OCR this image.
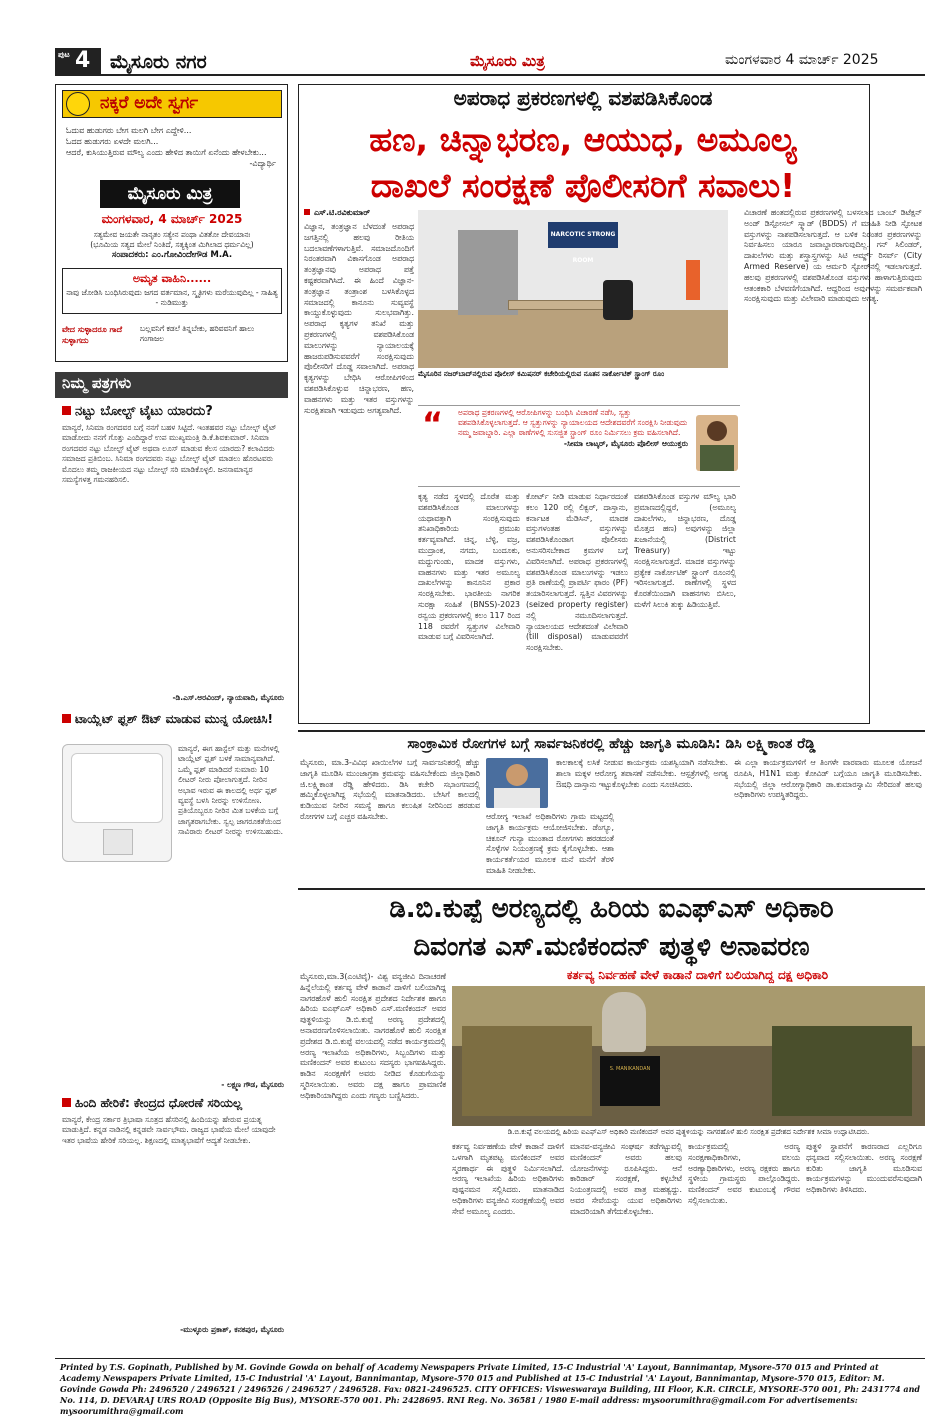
ಪುಟ 4 ಮೈಸೂರು ನಗರ	ಮೈಸೂರು ಮಿತ್ರ	ಮಂಗಳವಾರ 4 ಮಾರ್ಚ್ 2025
ನಕ್ಕರೆ ಅದೇ ಸ್ವರ್ಗ
ಓದುವ ಹುಡುಗರು ಬೇಗ ಮಲಗಿ ಬೇಗ ಎದ್ದೇಳಿ...
ಓದದ ಹುಡುಗರು ಏಳದೇ ಮಲಗಿ...
ಆದರೆ, ಕುಸಿಯುತ್ತಿರುವ ಮೌಲ್ಯ ಎಂದು ಹೇಳಿದ ತಾಯಿಗೆ ಏನೆಂದು ಹೇಳಬೇಕು...
-ವಿದ್ಯಾರ್ಥಿ
ಮೈಸೂರು ಮಿತ್ರ
ಮಂಗಳವಾರ, 4 ಮಾರ್ಚ್ 2025
ಸತ್ಯಮೇವ ಜಯತೇ ನಾನೃತಂ ಸತ್ಯೇನ ಪಂಥಾ ವಿತತೋ ದೇವಯಾನಃ
(ಭೂಮಿಯ ಸತ್ಯದ ಮೇಲೆ ನಿಂತಿದೆ, ಸತ್ಯಕ್ಕಿಂತ ಮಿಗಿಲಾದ ಧರ್ಮವಿಲ್ಲ)
ಸಂಪಾದಕರು: ಎಂ.ಗೋವಿಂದೇಗೌಡ M.A.
ಅಮೃತ ವಾಹಿನಿ......
ನಾವು ಜೋಡಿಸಿ ಬಂಧಿಸಿರುವುದು ಜಗದ ವರ್ತಮಾನ, ಸ್ಮೃತಿಗಳು ಮರೆಯುವುದಿಲ್ಲ - ಸಾಹಿತ್ಯ - ನುಡಿಮುತ್ತು
ವೇದ ಸುಳ್ಳಾದರೂ ಗಾದೆ ಸುಳ್ಳಾಗದು
ಬಲ್ಲವನಿಗೆ ಕಡಲೆ ತಿನ್ನಬೇಕು, ಹರಿವವನಿಗೆ ಹಾಲು ಗಂಗಾಜಲ
ನಿಮ್ಮ ಪತ್ರಗಳು
ನಟ್ಟು ಬೋಲ್ಟ್ ಟೈಟು ಯಾರದು?
ಮಾನ್ಯರೆ, ಸಿನಿಮಾ ರಂಗದವರ ಬಗ್ಗೆ ನನಗೆ ಬಹಳ ಸಿಟ್ಟಿದೆ. ಇಂತಹವರ ನಟ್ಟು ಬೋಲ್ಟ್ ಟೈಟ್ ಮಾಡೋದು ನನಗೆ ಗೊತ್ತು ಎಂದಿದ್ದಾರೆ ಉಪ ಮುಖ್ಯಮಂತ್ರಿ ಡಿ.ಕೆ.ಶಿವಕುಮಾರ್. ಸಿನಿಮಾ ರಂಗದವರ ನಟ್ಟು ಬೋಲ್ಟ್ ಟೈಟ್ ಅಥವಾ ಲೂಸ್ ಮಾಡುವ ಕೆಲಸ ಯಾರದು? ಕಲಾವಿದರು ಸಮಾಜದ ಪ್ರತಿಬಿಂಬ. ಸಿನಿಮಾ ರಂಗದವರು ನಟ್ಟು ಬೋಲ್ಟ್ ಟೈಟ್ ಮಾಡಲು ಹೊರಟವರು ಮೊದಲು ತಮ್ಮ ರಾಜಕೀಯದ ನಟ್ಟು ಬೋಲ್ಟ್ ಸರಿ ಮಾಡಿಕೊಳ್ಳಲಿ. ಜನಸಾಮಾನ್ಯರ ಸಮಸ್ಯೆಗಳತ್ತ ಗಮನಹರಿಸಲಿ.
-ಡಿ.ಎಸ್.ಅರವಿಂದ್, ನ್ಯಾಯವಾದಿ, ಮೈಸೂರು
ಟಾಯ್ಲೆಟ್ ಫ್ಲಶ್ ಔಟ್ ಮಾಡುವ ಮುನ್ನ ಯೋಚಿಸಿ!
ಮಾನ್ಯರೆ, ಈಗ ಹಾಸ್ಟೆಲ್ ಮತ್ತು ಮನೆಗಳಲ್ಲಿ ಟಾಯ್ಲೆಟ್ ಫ್ಲಶ್ ಬಳಕೆ ಸಾಮಾನ್ಯವಾಗಿದೆ. ಒಮ್ಮೆ ಫ್ಲಶ್ ಮಾಡಿದರೆ ಸುಮಾರು 10 ಲೀಟರ್ ನೀರು ಪೋಲಾಗುತ್ತದೆ. ನೀರಿನ ಅಭಾವ ಇರುವ ಈ ಕಾಲದಲ್ಲಿ ಅರ್ಧ ಫ್ಲಶ್ ವ್ಯವಸ್ಥೆ ಬಳಸಿ ನೀರನ್ನು ಉಳಿಸೋಣ. ಪ್ರತಿಯೊಬ್ಬರೂ ನೀರಿನ ಮಿತ ಬಳಕೆಯ ಬಗ್ಗೆ ಜಾಗೃತರಾಗಬೇಕು. ಸ್ವಲ್ಪ ಜಾಗರೂಕತೆಯಿಂದ ಸಾವಿರಾರು ಲೀಟರ್ ನೀರನ್ನು ಉಳಿಸಬಹುದು.
- ಲಕ್ಷ್ಮಣ ಗೌಡ, ಮೈಸೂರು
ಹಿಂದಿ ಹೇರಿಕೆ: ಕೇಂದ್ರದ ಧೋರಣೆ ಸರಿಯಲ್ಲ
ಮಾನ್ಯರೆ, ಕೇಂದ್ರ ಸರ್ಕಾರ ತ್ರಿಭಾಷಾ ಸೂತ್ರದ ಹೆಸರಿನಲ್ಲಿ ಹಿಂದಿಯನ್ನು ಹೇರುವ ಪ್ರಯತ್ನ ಮಾಡುತ್ತಿದೆ. ಕನ್ನಡ ನಾಡಿನಲ್ಲಿ ಕನ್ನಡವೇ ಸಾರ್ವಭೌಮ. ರಾಜ್ಯದ ಭಾಷೆಯ ಮೇಲೆ ಯಾವುದೇ ಇತರ ಭಾಷೆಯ ಹೇರಿಕೆ ಸರಿಯಲ್ಲ. ಶಿಕ್ಷಣದಲ್ಲಿ ಮಾತೃಭಾಷೆಗೆ ಆದ್ಯತೆ ನೀಡಬೇಕು.
-ಮುಳ್ಳೂರು ಪ್ರಕಾಶ್, ಕನಕಪುರ, ಮೈಸೂರು
ಅಪರಾಧ ಪ್ರಕರಣಗಳಲ್ಲಿ ವಶಪಡಿಸಿಕೊಂಡ
ಹಣ, ಚಿನ್ನಾಭರಣ, ಆಯುಧ, ಅಮೂಲ್ಯ
ದಾಖಲೆ ಸಂರಕ್ಷಣೆ ಪೊಲೀಸರಿಗೆ ಸವಾಲು!
ಎಸ್.ಟಿ.ರವಿಕುಮಾರ್
ವಿಜ್ಞಾನ, ತಂತ್ರಜ್ಞಾನ ಬೆಳದಂತೆ ಅಪರಾಧ ಜಗತ್ತಿನಲ್ಲಿ ಹಲವು ರೀತಿಯ ಬದಲಾವಣೆಗಳಾಗುತ್ತಿವೆ. ಸಮಾಜದೊಂದಿಗೆ ನಿರಂತರವಾಗಿ ವಿಕಾಸಗೊಂಡ ಅಪರಾಧ ತಂತ್ರಜ್ಞಾನವು ಅಪರಾಧ ಪತ್ತೆ ಕಷ್ಟಕರವಾಗಿಸಿದೆ. ಈ ಹಿಂದೆ ವಿಜ್ಞಾನ-ತಂತ್ರಜ್ಞಾನ ತಂತ್ರಾಂಶ ಬಳಸಿಕೊಳ್ಳದ ಸಮಾಜದಲ್ಲಿ ಕಾನೂನು ಸುವ್ಯವಸ್ಥೆ ಕಾಯ್ದುಕೊಳ್ಳುವುದು ಸುಲಭವಾಗಿತ್ತು. ಅಪರಾಧ ಕೃತ್ಯಗಳ ತನಿಖೆ ಮತ್ತು ಪ್ರಕರಣಗಳಲ್ಲಿ ವಶಪಡಿಸಿಕೊಂಡ ಮಾಲುಗಳನ್ನು ನ್ಯಾಯಾಲಯಕ್ಕೆ ಹಾಜರುಪಡಿಸುವವರೆಗೆ ಸಂರಕ್ಷಿಸುವುದು ಪೊಲೀಸರಿಗೆ ದೊಡ್ಡ ಸವಾಲಾಗಿದೆ. ಅಪರಾಧ ಕೃತ್ಯಗಳನ್ನು ಬೇಧಿಸಿ ಆರೋಪಿಗಳಿಂದ ವಶಪಡಿಸಿಕೊಳ್ಳುವ ಚಿನ್ನಾಭರಣ, ಹಣ, ವಾಹನಗಳು ಮತ್ತು ಇತರ ವಸ್ತುಗಳನ್ನು ಸುರಕ್ಷಿತವಾಗಿ ಇಡುವುದು ಅಗತ್ಯವಾಗಿದೆ.
NARCOTIC STRONG ROOM
ಮೈಸೂರಿನ ನಜರ್‌ಬಾದ್‌ನಲ್ಲಿರುವ ಪೊಲೀಸ್ ಕಮಿಷನರ್ ಕಚೇರಿಯಲ್ಲಿರುವ ನೂತನ ನಾರ್ಕೋಟಿಕ್ ಸ್ಟ್ರಾಂಗ್ ರೂಂ
“ ಅಪರಾಧ ಪ್ರಕರಣಗಳಲ್ಲಿ ಆರೋಪಿಗಳನ್ನು ಬಂಧಿಸಿ ವಿಚಾರಣೆ ನಡೆಸಿ, ಸ್ವತ್ತು ವಶಪಡಿಸಿಕೊಳ್ಳಲಾಗುತ್ತದೆ. ಆ ಸ್ವತ್ತುಗಳನ್ನು ನ್ಯಾಯಾಲಯದ ಆದೇಶದವರೆಗೆ ಸಂರಕ್ಷಿಸಿ ನೀಡುವುದು ನಮ್ಮ ಜವಾಬ್ದಾರಿ. ಎಲ್ಲಾ ಠಾಣೆಗಳಲ್ಲಿ ಸುಸಜ್ಜಿತ ಸ್ಟ್ರಾಂಗ್ ರೂಂ ನಿರ್ಮಿಸಲು ಕ್ರಮ ವಹಿಸಲಾಗಿದೆ.
-ಸೀಮಾ ಲಾಟ್ಕರ್, ಮೈಸೂರು ಪೊಲೀಸ್ ಆಯುಕ್ತರು
ಕೃತ್ಯ ನಡೆದ ಸ್ಥಳದಲ್ಲಿ ದೊರೆತ ಮತ್ತು ವಶಪಡಿಸಿಕೊಂಡ ಮಾಲುಗಳನ್ನು ಯಥಾವತ್ತಾಗಿ ಸಂರಕ್ಷಿಸುವುದು ತನಿಖಾಧಿಕಾರಿಯ ಪ್ರಮುಖ ಕರ್ತವ್ಯವಾಗಿದೆ. ಚಿನ್ನ, ಬೆಳ್ಳಿ, ವಜ್ರ, ಮುದ್ರಾಂಕ, ನಗದು, ಬಂದೂಕು, ಮದ್ದುಗುಂಡು, ಮಾದಕ ವಸ್ತುಗಳು, ವಾಹನಗಳು ಮತ್ತು ಇತರ ಅಮೂಲ್ಯ ದಾಖಲೆಗಳನ್ನು ಕಾನೂನಿನ ಪ್ರಕಾರ ಸಂರಕ್ಷಿಸಬೇಕು. ಭಾರತೀಯ ನಾಗರಿಕ ಸುರಕ್ಷಾ ಸಂಹಿತೆ (BNSS)-2023 ರನ್ವಯ ಪ್ರಕರಣಗಳಲ್ಲಿ ಕಲಂ 117 ರಿಂದ 118 ರವರೆಗೆ ಸ್ವತ್ತುಗಳ ವಿಲೇವಾರಿ ಮಾಡುವ ಬಗ್ಗೆ ವಿವರಿಸಲಾಗಿದೆ.
ಕೋರ್ಟ್ ನೀಡಿ ಮಾಡುವ ನಿರ್ಧಾರದಂತೆ ಕಲಂ 120 ರಲ್ಲಿ ಲಿಕ್ವರ್, ದಾಸ್ತಾನು, ಕರ್ನಾಟಕ ಮೆಡಿಸಿನ್, ಮಾದಕ ವಸ್ತುಗಳಂತಹ ವಸ್ತುಗಳನ್ನು ವಶಪಡಿಸಿಕೊಂಡಾಗ ಪೊಲೀಸರು ಅನುಸರಿಸಬೇಕಾದ ಕ್ರಮಗಳ ಬಗ್ಗೆ ವಿವರಿಸಲಾಗಿದೆ. ಅಪರಾಧ ಪ್ರಕರಣಗಳಲ್ಲಿ ವಶಪಡಿಸಿಕೊಂಡ ಮಾಲುಗಳನ್ನು ಇಡಲು ಪ್ರತಿ ಠಾಣೆಯಲ್ಲಿ ಪ್ರಾಪರ್ಟಿ ಫಾರಂ (PF) ತಯಾರಿಸಲಾಗುತ್ತದೆ. ಸ್ವತ್ತಿನ ವಿವರಗಳನ್ನು (seized property register) ನಲ್ಲಿ ನಮೂದಿಸಲಾಗುತ್ತದೆ. ನ್ಯಾಯಾಲಯದ ಆದೇಶದಂತೆ ವಿಲೇವಾರಿ (till disposal) ಮಾಡುವವರೆಗೆ ಸಂರಕ್ಷಿಸಬೇಕು.
ವಶಪಡಿಸಿಕೊಂಡ ವಸ್ತುಗಳ ಮೌಲ್ಯ ಭಾರಿ ಪ್ರಮಾಣದಲ್ಲಿದ್ದರೆ, (ಅಮೂಲ್ಯ ದಾಖಲೆಗಳು, ಚಿನ್ನಾಭರಣ, ದೊಡ್ಡ ಮೊತ್ತದ ಹಣ) ಅವುಗಳನ್ನು ಜಿಲ್ಲಾ ಖಜಾನೆಯಲ್ಲಿ (District Treasury) ಇಟ್ಟು ಸಂರಕ್ಷಿಸಲಾಗುತ್ತದೆ. ಮಾದಕ ವಸ್ತುಗಳನ್ನು ಪ್ರತ್ಯೇಕ ನಾರ್ಕೋಟಿಕ್ ಸ್ಟ್ರಾಂಗ್ ರೂಂನಲ್ಲಿ ಇರಿಸಲಾಗುತ್ತದೆ. ಠಾಣೆಗಳಲ್ಲಿ ಸ್ಥಳದ ಕೊರತೆಯಿಂದಾಗಿ ವಾಹನಗಳು ಬಿಸಿಲು, ಮಳೆಗೆ ಸಿಲುಕಿ ತುಕ್ಕು ಹಿಡಿಯುತ್ತಿವೆ.
ವಿಚಾರಣೆ ಹಂತದಲ್ಲಿರುವ ಪ್ರಕರಣಗಳಲ್ಲಿ ಬಳಸಲಾದ ಬಾಂಬ್ ಡಿಟೆಕ್ಷನ್ ಅಂಡ್ ಡಿಸ್ಪೋಸಲ್ ಸ್ಕ್ವಾಡ್ (BDDS) ಗೆ ಮಾಹಿತಿ ನೀಡಿ ಸ್ಫೋಟಕ ವಸ್ತುಗಳನ್ನು ನಾಶಪಡಿಸಲಾಗುತ್ತದೆ. ಆ ಬಳಿಕ ನಿರಂತರ ಪ್ರಕರಣಗಳನ್ನು ನಿರ್ವಹಿಸಲು ಯಾರೂ ಜವಾಬ್ದಾರರಾಗುವುದಿಲ್ಲ. ಗನ್ ಸಿಲಿಂಡರ್, ದಾಖಲೆಗಳು ಮತ್ತು ಶಸ್ತ್ರಾಸ್ತ್ರಗಳನ್ನು ಸಿಟಿ ಆರ್ಮ್ಡ್ ರಿಸರ್ವ್ (City Armed Reserve) ಯ ಆರ್ಮರಿ ಸ್ಟೋರ್‌ನಲ್ಲಿ ಇಡಲಾಗುತ್ತದೆ. ಹಲವು ಪ್ರಕರಣಗಳಲ್ಲಿ ವಶಪಡಿಸಿಕೊಂಡ ವಸ್ತುಗಳು ಹಾಳಾಗುತ್ತಿರುವುದು ಆತಂಕಕಾರಿ ಬೆಳವಣಿಗೆಯಾಗಿದೆ. ಆದ್ದರಿಂದ ಅವುಗಳನ್ನು ಸಮರ್ಪಕವಾಗಿ ಸಂರಕ್ಷಿಸುವುದು ಮತ್ತು ವಿಲೇವಾರಿ ಮಾಡುವುದು ಅಗತ್ಯ.
ಸಾಂಕ್ರಾಮಿಕ ರೋಗಗಳ ಬಗ್ಗೆ ಸಾರ್ವಜನಿಕರಲ್ಲಿ ಹೆಚ್ಚು ಜಾಗೃತಿ ಮೂಡಿಸಿ: ಡಿಸಿ ಲಕ್ಷ್ಮಿಕಾಂತ ರೆಡ್ಡಿ
ಮೈಸೂರು, ಮಾ.3-ವಿವಿಧ ಖಾಯಿಲೆಗಳ ಬಗ್ಗೆ ಸಾರ್ವಜನಿಕರಲ್ಲಿ ಹೆಚ್ಚು ಜಾಗೃತಿ ಮೂಡಿಸಿ ಮುಂಜಾಗ್ರತಾ ಕ್ರಮವನ್ನು ವಹಿಸಬೇಕೆಂದು ಜಿಲ್ಲಾಧಿಕಾರಿ ಜಿ.ಲಕ್ಷ್ಮಿಕಾಂತ ರೆಡ್ಡಿ ಹೇಳಿದರು. ಡಿಸಿ ಕಚೇರಿ ಸಭಾಂಗಣದಲ್ಲಿ ಹಮ್ಮಿಕೊಳ್ಳಲಾಗಿದ್ದ ಸಭೆಯಲ್ಲಿ ಮಾತನಾಡಿದರು. ಬೇಸಿಗೆ ಕಾಲದಲ್ಲಿ ಕುಡಿಯುವ ನೀರಿನ ಸಮಸ್ಯೆ ಹಾಗೂ ಕಲುಷಿತ ನೀರಿನಿಂದ ಹರಡುವ ರೋಗಗಳ ಬಗ್ಗೆ ಎಚ್ಚರ ವಹಿಸಬೇಕು.	ಆರೋಗ್ಯ ಇಲಾಖೆ ಅಧಿಕಾರಿಗಳು ಗ್ರಾಮ ಮಟ್ಟದಲ್ಲಿ ಜಾಗೃತಿ ಕಾರ್ಯಕ್ರಮ ಆಯೋಜಿಸಬೇಕು. ಡೆಂಗ್ಯೂ, ಚಿಕೂನ್ ಗುನ್ಯಾ ಮುಂತಾದ ರೋಗಗಳು ಹರಡದಂತೆ ಸೊಳ್ಳೆಗಳ ನಿಯಂತ್ರಣಕ್ಕೆ ಕ್ರಮ ಕೈಗೊಳ್ಳಬೇಕು. ಆಶಾ ಕಾರ್ಯಕರ್ತೆಯರ ಮೂಲಕ ಮನೆ ಮನೆಗೆ ತೆರಳಿ ಮಾಹಿತಿ ನೀಡಬೇಕು.
ಕಾಲಕಾಲಕ್ಕೆ ಲಸಿಕೆ ನೀಡುವ ಕಾರ್ಯಕ್ರಮ ಯಶಸ್ವಿಯಾಗಿ ನಡೆಸಬೇಕು. ಶಾಲಾ ಮಕ್ಕಳ ಆರೋಗ್ಯ ತಪಾಸಣೆ ನಡೆಸಬೇಕು. ಆಸ್ಪತ್ರೆಗಳಲ್ಲಿ ಅಗತ್ಯ ಔಷಧಿ ದಾಸ್ತಾನು ಇಟ್ಟುಕೊಳ್ಳಬೇಕು ಎಂದು ಸೂಚಿಸಿದರು.
ಈ ಎಲ್ಲಾ ಕಾರ್ಯಕ್ರಮಗಳಿಗೆ ಆ ತಿಂಗಳೇ ವಾರವಾರು ಮೂಲಕ ಯೋಜನೆ ರೂಪಿಸಿ, H1N1 ಮತ್ತು ಕೋವಿಡ್ ಬಗ್ಗೆಯೂ ಜಾಗೃತಿ ಮೂಡಿಸಬೇಕು. ಸಭೆಯಲ್ಲಿ ಜಿಲ್ಲಾ ಆರೋಗ್ಯಾಧಿಕಾರಿ ಡಾ.ಕುಮಾರಸ್ವಾಮಿ ಸೇರಿದಂತೆ ಹಲವು ಅಧಿಕಾರಿಗಳು ಉಪಸ್ಥಿತರಿದ್ದರು.
ಡಿ.ಬಿ.ಕುಪ್ಪೆ ಅರಣ್ಯದಲ್ಲಿ ಹಿರಿಯ ಐಎಫ್‌ಎಸ್ ಅಧಿಕಾರಿ
ದಿವಂಗತ ಎಸ್.ಮಣಿಕಂದನ್ ಪುತ್ಥಳಿ ಅನಾವರಣ
ಕರ್ತವ್ಯ ನಿರ್ವಹಣೆ ವೇಳೆ ಕಾಡಾನೆ ದಾಳಿಗೆ ಬಲಿಯಾಗಿದ್ದ ದಕ್ಷ ಅಧಿಕಾರಿ
ಮೈಸೂರು,ಮಾ.3(ಎಂಟಿವೈ)- ವಿಶ್ವ ವನ್ಯಜೀವಿ ದಿನಾಚರಣೆ ಹಿನ್ನೆಲೆಯಲ್ಲಿ ಕರ್ತವ್ಯ ವೇಳೆ ಕಾಡಾನೆ ದಾಳಿಗೆ ಬಲಿಯಾಗಿದ್ದ ನಾಗರಹೊಳೆ ಹುಲಿ ಸಂರಕ್ಷಿತ ಪ್ರದೇಶದ ನಿರ್ದೇಶಕ ಹಾಗೂ ಹಿರಿಯ ಐಎಫ್‌ಎಸ್ ಅಧಿಕಾರಿ ಎಸ್.ಮಣಿಕಂದನ್ ಅವರ ಪುತ್ಥಳಿಯನ್ನು ಡಿ.ಬಿ.ಕುಪ್ಪೆ ಅರಣ್ಯ ಪ್ರದೇಶದಲ್ಲಿ ಅನಾವರಣಗೊಳಿಸಲಾಯಿತು. ನಾಗರಹೊಳೆ ಹುಲಿ ಸಂರಕ್ಷಿತ ಪ್ರದೇಶದ ಡಿ.ಬಿ.ಕುಪ್ಪೆ ವಲಯದಲ್ಲಿ ನಡೆದ ಕಾರ್ಯಕ್ರಮದಲ್ಲಿ ಅರಣ್ಯ ಇಲಾಖೆಯ ಅಧಿಕಾರಿಗಳು, ಸಿಬ್ಬಂದಿಗಳು ಮತ್ತು ಮಣಿಕಂದನ್ ಅವರ ಕುಟುಂಬ ಸದಸ್ಯರು ಭಾಗವಹಿಸಿದ್ದರು. ಕಾಡಿನ ಸಂರಕ್ಷಣೆಗೆ ಅವರು ನೀಡಿದ ಕೊಡುಗೆಯನ್ನು ಸ್ಮರಿಸಲಾಯಿತು. ಅವರು ದಕ್ಷ ಹಾಗೂ ಪ್ರಾಮಾಣಿಕ ಅಧಿಕಾರಿಯಾಗಿದ್ದರು ಎಂದು ಗಣ್ಯರು ಬಣ್ಣಿಸಿದರು.
S. MANIKANDAN
ಡಿ.ಬಿ.ಕುಪ್ಪೆ ವಲಯದಲ್ಲಿ ಹಿರಿಯ ಐಎಫ್‌ಎಸ್ ಅಧಿಕಾರಿ ಮಣಿಕಂದನ್ ಅವರ ಪುತ್ಥಳಿಯನ್ನು ನಾಗರಹೊಳೆ ಹುಲಿ ಸಂರಕ್ಷಿತ ಪ್ರದೇಶದ ನಿರ್ದೇಶಕ ಸೀಮಾ ಉದ್ಘಾಟಿಸಿದರು.
ಕರ್ತವ್ಯ ನಿರ್ವಹಣೆಯ ವೇಳೆ ಕಾಡಾನೆ ದಾಳಿಗೆ ಒಳಗಾಗಿ ಮೃತಪಟ್ಟ ಮಣಿಕಂದನ್ ಅವರ ಸ್ಮರಣಾರ್ಥ ಈ ಪುತ್ಥಳಿ ನಿರ್ಮಿಸಲಾಗಿದೆ. ಅರಣ್ಯ ಇಲಾಖೆಯ ಹಿರಿಯ ಅಧಿಕಾರಿಗಳು ಪುಷ್ಪನಮನ ಸಲ್ಲಿಸಿದರು. ಮಾತನಾಡಿದ ಅಧಿಕಾರಿಗಳು ವನ್ಯಜೀವಿ ಸಂರಕ್ಷಣೆಯಲ್ಲಿ ಅವರ ಸೇವೆ ಅಮೂಲ್ಯ ಎಂದರು.
ಮಾನವ-ವನ್ಯಜೀವಿ ಸಂಘರ್ಷ ತಡೆಗಟ್ಟುವಲ್ಲಿ ಮಣಿಕಂದನ್ ಅವರು ಹಲವು ಯೋಜನೆಗಳನ್ನು ರೂಪಿಸಿದ್ದರು. ಆನೆ ಕಾರಿಡಾರ್ ಸಂರಕ್ಷಣೆ, ಕಳ್ಳಬೇಟೆ ನಿಯಂತ್ರಣದಲ್ಲಿ ಅವರ ಪಾತ್ರ ಮಹತ್ವದ್ದು. ಅವರ ಸೇವೆಯನ್ನು ಯುವ ಅಧಿಕಾರಿಗಳು ಮಾದರಿಯಾಗಿ ತೆಗೆದುಕೊಳ್ಳಬೇಕು.
ಕಾರ್ಯಕ್ರಮದಲ್ಲಿ ಅರಣ್ಯ ಸಂರಕ್ಷಣಾಧಿಕಾರಿಗಳು, ವಲಯ ಅರಣ್ಯಾಧಿಕಾರಿಗಳು, ಅರಣ್ಯ ರಕ್ಷಕರು ಹಾಗೂ ಸ್ಥಳೀಯ ಗ್ರಾಮಸ್ಥರು ಪಾಲ್ಗೊಂಡಿದ್ದರು. ಮಣಿಕಂದನ್ ಅವರ ಕುಟುಂಬಕ್ಕೆ ಗೌರವ ಸಲ್ಲಿಸಲಾಯಿತು.
ಪುತ್ಥಳಿ ಸ್ಥಾಪನೆಗೆ ಕಾರಣರಾದ ಎಲ್ಲರಿಗೂ ಧನ್ಯವಾದ ಸಲ್ಲಿಸಲಾಯಿತು. ಅರಣ್ಯ ಸಂರಕ್ಷಣೆ ಕುರಿತು ಜಾಗೃತಿ ಮೂಡಿಸುವ ಕಾರ್ಯಕ್ರಮಗಳನ್ನು ಮುಂದುವರೆಸುವುದಾಗಿ ಅಧಿಕಾರಿಗಳು ತಿಳಿಸಿದರು.
Printed by T.S. Gopinath, Published by M. Govinde Gowda on behalf of Academy Newspapers Private Limited, 15-C Industrial 'A' Layout, Bannimantap, Mysore-570 015 and Printed at Academy Newspapers Private Limited, 15-C Industrial 'A' Layout, Bannimantap, Mysore-570 015 and Published at 15-C Industrial 'A' Layout, Bannimantap, Mysore-570 015, Editor: M. Govinde Gowda Ph: 2496520 / 2496521 / 2496526 / 2496527 / 2496528. Fax: 0821-2496525. CITY OFFICES: Visweswaraya Building, III Floor, K.R. CIRCLE, MYSORE-570 001, Ph: 2431774 and No. 114, D. DEVARAJ URS ROAD (Opposite Big Bus), MYSORE-570 001. Ph: 2428695. RNI Reg. No. 36581 / 1980 E-mail address: mysoorumithra@gmail.com For advertisements: mysoorumithra@gmail.com
